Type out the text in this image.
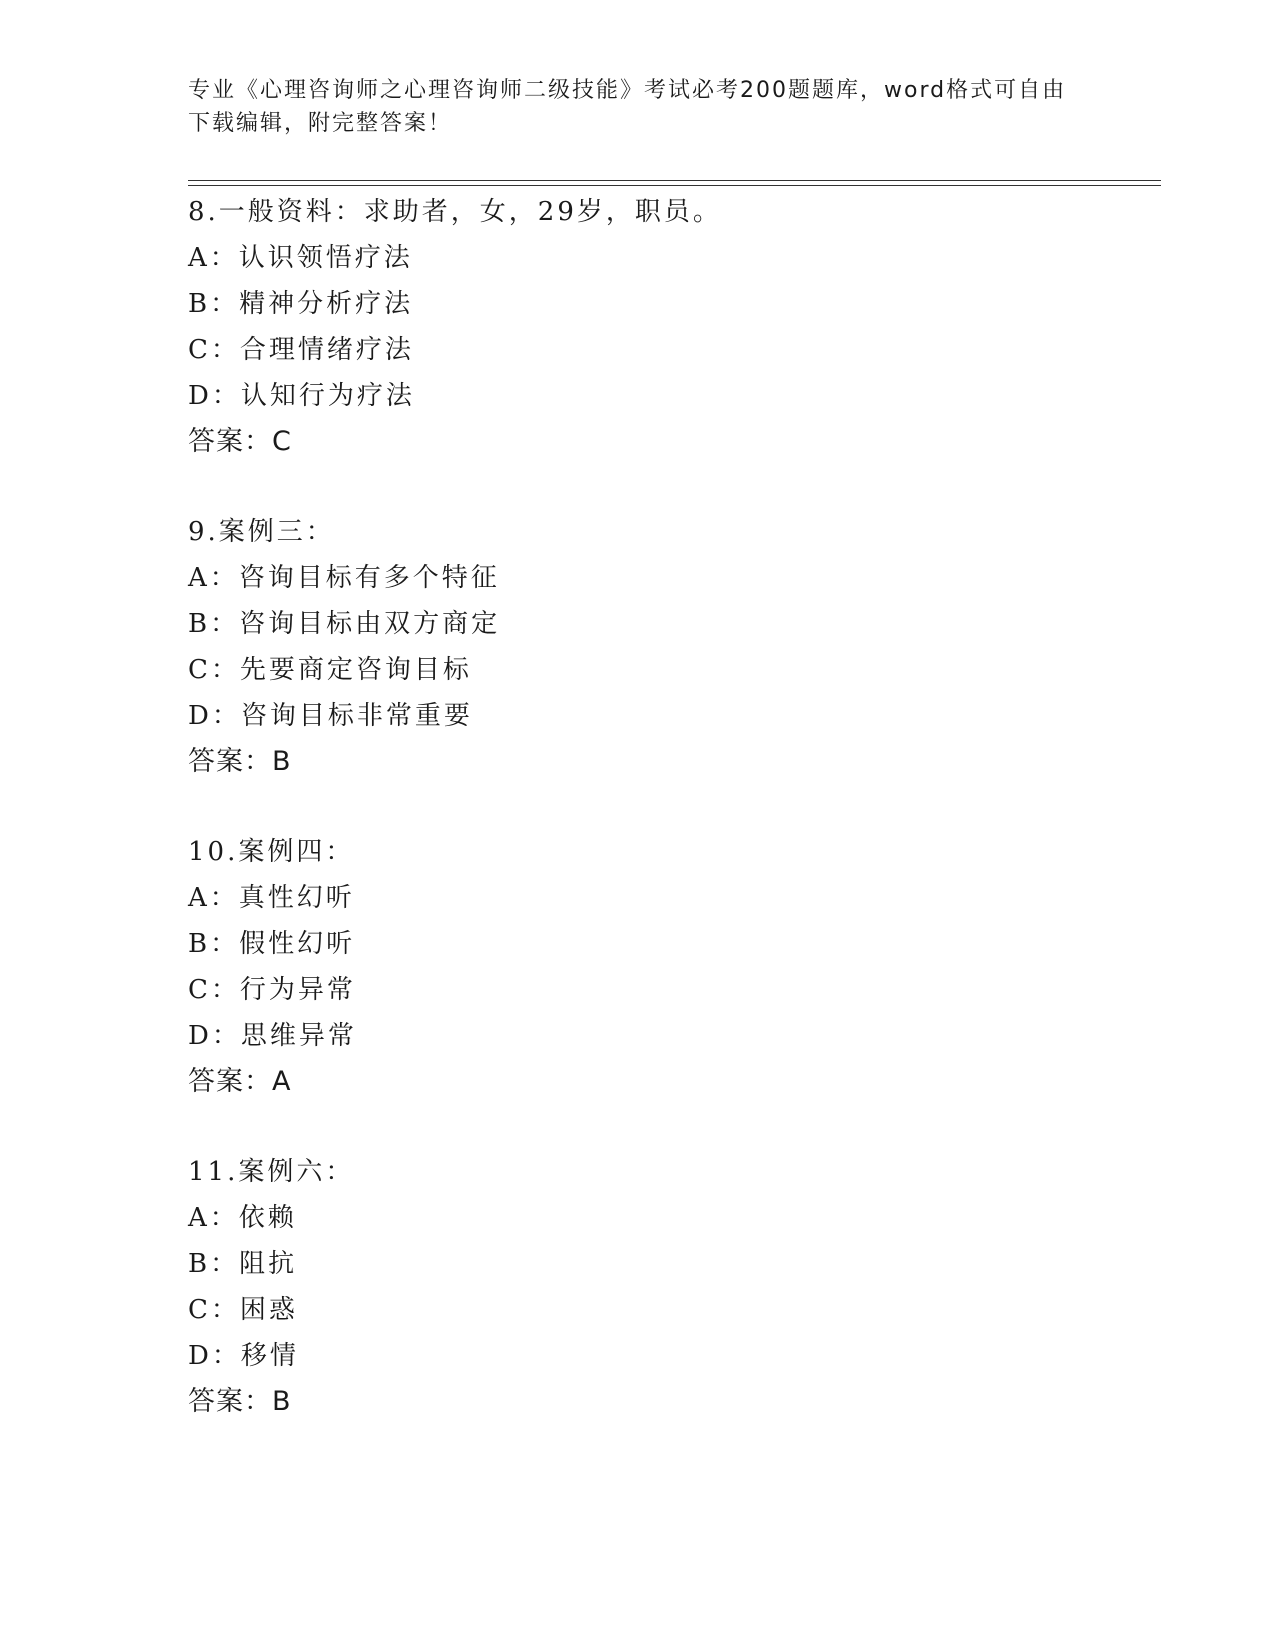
专业《心理咨询师之心理咨询师二级技能》考试必考200题题库，word格式可自由下载编辑，附完整答案！
8.一般资料：求助者，女，29岁，职员。
A：认识领悟疗法
B：精神分析疗法
C：合理情绪疗法
D：认知行为疗法
答案：C
9.案例三：
A：咨询目标有多个特征
B：咨询目标由双方商定
C：先要商定咨询目标
D：咨询目标非常重要
答案：B
10.案例四：
A：真性幻听
B：假性幻听
C：行为异常
D：思维异常
答案：A
11.案例六：
A：依赖
B：阻抗
C：困惑
D：移情
答案：B
